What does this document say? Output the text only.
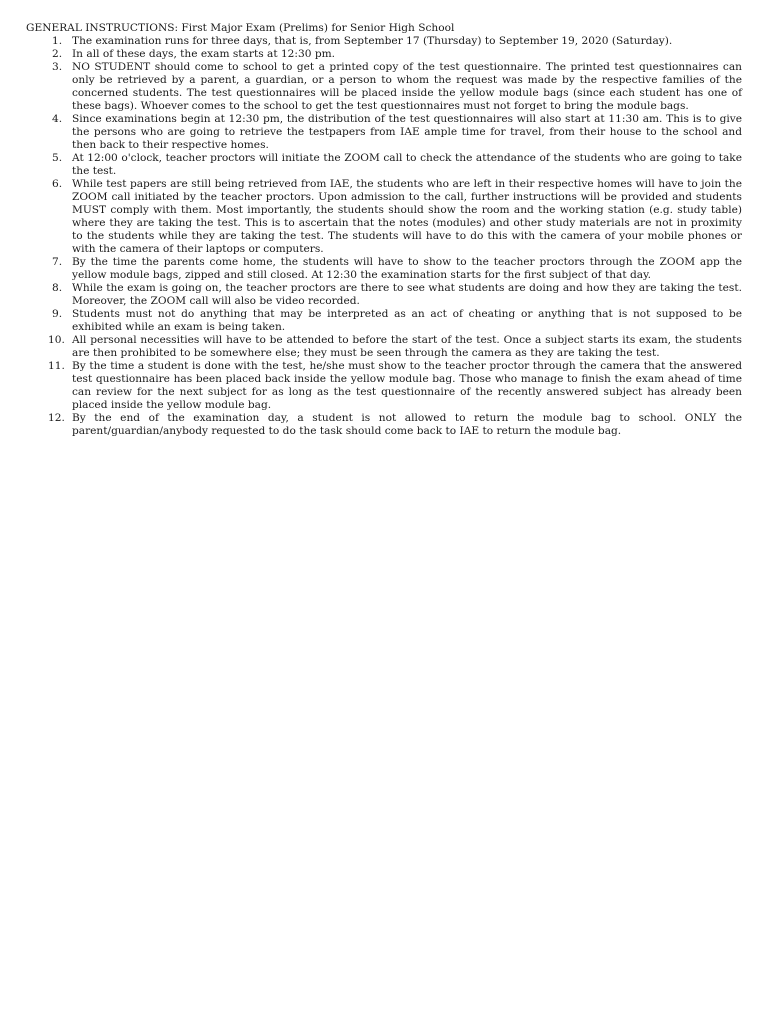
GENERAL INSTRUCTIONS: First Major Exam (Prelims) for Senior High School
1. The examination runs for three days, that is, from September 17 (Thursday) to September 19, 2020 (Saturday).
2. In all of these days, the exam starts at 12:30 pm.
3. NO STUDENT should come to school to get a printed copy of the test questionnaire. The printed test questionnaires can only be retrieved by a parent, a guardian, or a person to whom the request was made by the respective families of the concerned students. The test questionnaires will be placed inside the yellow module bags (since each student has one of these bags). Whoever comes to the school to get the test questionnaires must not forget to bring the module bags.
4. Since examinations begin at 12:30 pm, the distribution of the test questionnaires will also start at 11:30 am. This is to give the persons who are going to retrieve the testpapers from IAE ample time for travel, from their house to the school and then back to their respective homes.
5. At 12:00 o'clock, teacher proctors will initiate the ZOOM call to check the attendance of the students who are going to take the test.
6. While test papers are still being retrieved from IAE, the students who are left in their respective homes will have to join the ZOOM call initiated by the teacher proctors. Upon admission to the call, further instructions will be provided and students MUST comply with them. Most importantly, the students should show the room and the working station (e.g. study table) where they are taking the test. This is to ascertain that the notes (modules) and other study materials are not in proximity to the students while they are taking the test. The students will have to do this with the camera of your mobile phones or with the camera of their laptops or computers.
7. By the time the parents come home, the students will have to show to the teacher proctors through the ZOOM app the yellow module bags, zipped and still closed. At 12:30 the examination starts for the first subject of that day.
8. While the exam is going on, the teacher proctors are there to see what students are doing and how they are taking the test. Moreover, the ZOOM call will also be video recorded.
9. Students must not do anything that may be interpreted as an act of cheating or anything that is not supposed to be exhibited while an exam is being taken.
10. All personal necessities will have to be attended to before the start of the test. Once a subject starts its exam, the students are then prohibited to be somewhere else; they must be seen through the camera as they are taking the test.
11. By the time a student is done with the test, he/she must show to the teacher proctor through the camera that the answered test questionnaire has been placed back inside the yellow module bag. Those who manage to finish the exam ahead of time can review for the next subject for as long as the test questionnaire of the recently answered subject has already been placed inside the yellow module bag.
12. By the end of the examination day, a student is not allowed to return the module bag to school. ONLY the parent/guardian/anybody requested to do the task should come back to IAE to return the module bag.
